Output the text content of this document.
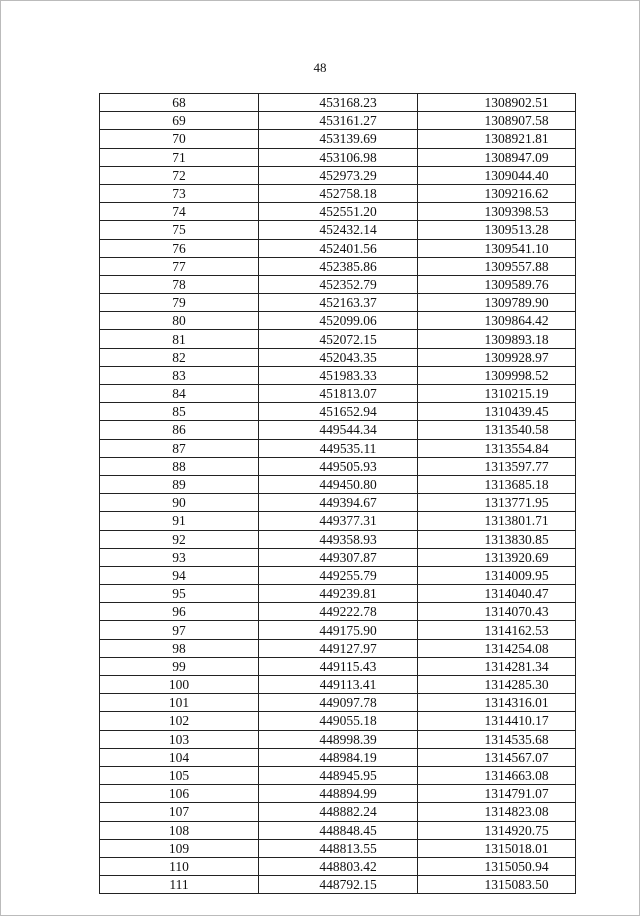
48
68	453168.23	1308902.51
69	453161.27	1308907.58
70	453139.69	1308921.81
71	453106.98	1308947.09
72	452973.29	1309044.40
73	452758.18	1309216.62
74	452551.20	1309398.53
75	452432.14	1309513.28
76	452401.56	1309541.10
77	452385.86	1309557.88
78	452352.79	1309589.76
79	452163.37	1309789.90
80	452099.06	1309864.42
81	452072.15	1309893.18
82	452043.35	1309928.97
83	451983.33	1309998.52
84	451813.07	1310215.19
85	451652.94	1310439.45
86	449544.34	1313540.58
87	449535.11	1313554.84
88	449505.93	1313597.77
89	449450.80	1313685.18
90	449394.67	1313771.95
91	449377.31	1313801.71
92	449358.93	1313830.85
93	449307.87	1313920.69
94	449255.79	1314009.95
95	449239.81	1314040.47
96	449222.78	1314070.43
97	449175.90	1314162.53
98	449127.97	1314254.08
99	449115.43	1314281.34
100	449113.41	1314285.30
101	449097.78	1314316.01
102	449055.18	1314410.17
103	448998.39	1314535.68
104	448984.19	1314567.07
105	448945.95	1314663.08
106	448894.99	1314791.07
107	448882.24	1314823.08
108	448848.45	1314920.75
109	448813.55	1315018.01
110	448803.42	1315050.94
111	448792.15	1315083.50
